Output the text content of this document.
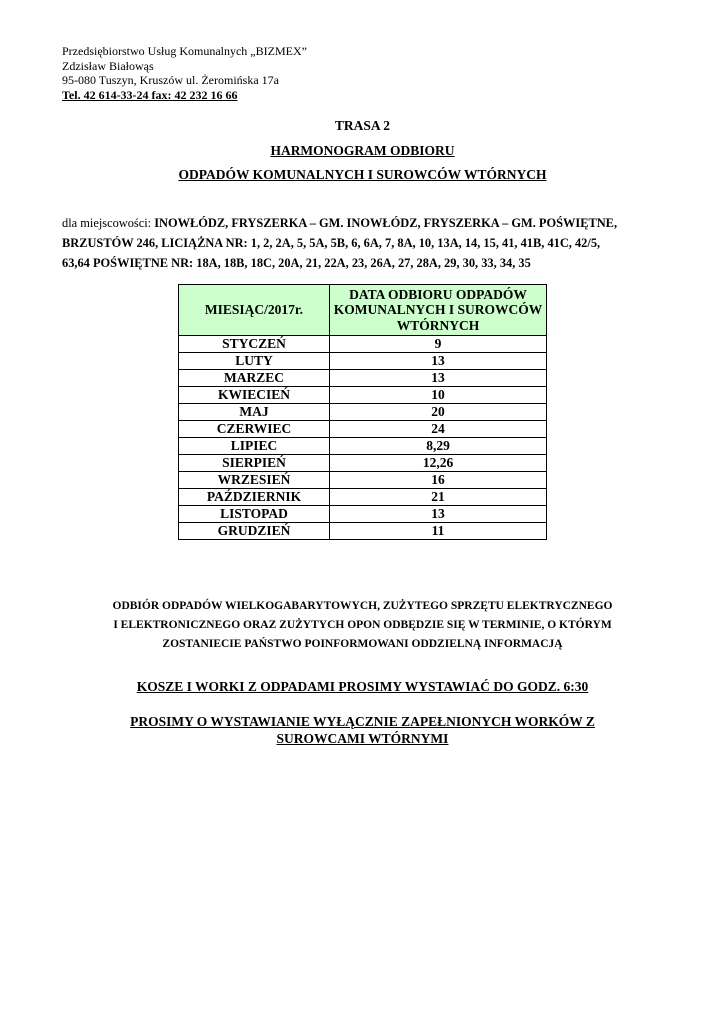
Przedsiębiorstwo Usług Komunalnych „BIZMEX”
Zdzisław Białowąs
95-080 Tuszyn, Kruszów ul. Żeromińska 17a
Tel. 42 614-33-24 fax: 42 232 16 66
TRASA 2
HARMONOGRAM ODBIORU
ODPADÓW KOMUNALNYCH I SUROWCÓW WTÓRNYCH
dla miejscowości: INOWŁÓDZ, FRYSZERKA – GM. INOWŁÓDZ, FRYSZERKA – GM. POŚWIĘTNE,
BRZUSTÓW 246, LICIĄŻNA NR: 1, 2, 2A, 5, 5A, 5B, 6, 6A, 7, 8A, 10, 13A, 14, 15, 41, 41B, 41C, 42/5,
63,64 POŚWIĘTNE NR: 18A, 18B, 18C, 20A, 21, 22A, 23, 26A, 27, 28A, 29, 30, 33, 34, 35
MIESIĄC/2017r.	DATA ODBIORU ODPADÓW KOMUNALNYCH I SUROWCÓW WTÓRNYCH
STYCZEŃ	9
LUTY	13
MARZEC	13
KWIECIEŃ	10
MAJ	20
CZERWIEC	24
LIPIEC	8,29
SIERPIEŃ	12,26
WRZESIEŃ	16
PAŹDZIERNIK	21
LISTOPAD	13
GRUDZIEŃ	11
ODBIÓR ODPADÓW WIELKOGABARYTOWYCH, ZUŻYTEGO SPRZĘTU ELEKTRYCZNEGO
I ELEKTRONICZNEGO ORAZ ZUŻYTYCH OPON ODBĘDZIE SIĘ W TERMINIE, O KTÓRYM
ZOSTANIECIE PAŃSTWO POINFORMOWANI ODDZIELNĄ INFORMACJĄ
KOSZE I WORKI Z ODPADAMI PROSIMY WYSTAWIAĆ DO GODZ. 6:30
PROSIMY O WYSTAWIANIE WYŁĄCZNIE ZAPEŁNIONYCH WORKÓW Z
SUROWCAMI WTÓRNYMI
